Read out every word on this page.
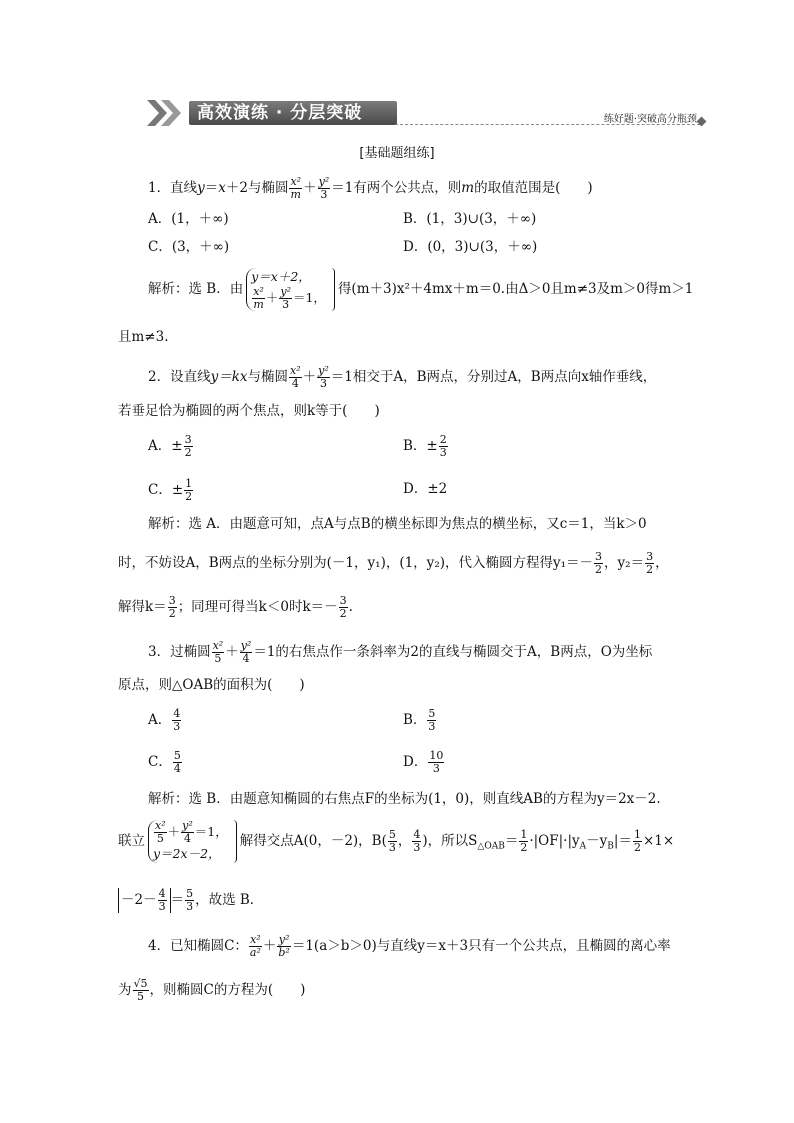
高效演练 · 分层突破	练好题·突破高分瓶颈
[基础题组练]
1．直线y＝x＋2与椭圆 $\frac{\text{x²}}{m} + \frac{\text{y²}}{3} =1$有两个公共点，则m的取值范围是(　　)
A．(1，＋∞)	B．(1，3)∪(3，＋∞)
C．(3，＋∞)	D．(0，3)∪(3，＋∞)
解析：选 B．由y＝x＋2，

$\frac{\text{x²}}{m} + \frac{\text{y²}}{3} =1$，得(m＋3)x²＋4mx＋m＝0.由Δ＞0且m≠3及m＞0得m＞1
且m≠3.
2．设直线y＝kx与椭圆 $\frac{\text{x²}}{4} + \frac{\text{y²}}{3} =1$相交于A，B两点，分别过A，B两点向x轴作垂线，
若垂足恰为椭圆的两个焦点，则k等于(　　)
A．± $\frac{3}{2}$	B．± $\frac{2}{3}$
C．± $\frac{1}{2}$	D．±2
解析：选 A．由题意可知，点A与点B的横坐标即为焦点的横坐标，又c＝1，当k＞0
时，不妨设A，B两点的坐标分别为(－1，y₁)，(1，y₂)，代入椭圆方程得$y_1=- \frac{3}{2}$ ，$y_2= \frac{3}{2}$ ，
解得$k= \frac{3}{2}$ ；同理可得当k＜0时$k=- \frac{3}{2}$ .
3．过椭圆 $\frac{\text{x²}}{5} + \frac{\text{y²}}{4} =1$的右焦点作一条斜率为2的直线与椭圆交于A，B两点，O为坐标
原点，则△OAB的面积为(　　)
A． $\frac{4}{3}$	B． $\frac{5}{3}$
C． $\frac{5}{4}$	D． $\frac{10}{3}$
解析：选 B．由题意知椭圆的右焦点F的坐标为(1，0)，则直线AB的方程为y＝2x－2.
联立 $\frac{\text{x²}}{5} + \frac{\text{y²}}{4} =1$，
y＝2x－2，解得交点A(0，－2)，$B( \frac{5}{3}$ ， $\frac{4}{3}$ )，所以$S_{\triangle OAB}= \frac{1}{2} \cdot|OF|\cdot|y_A-y_B|= \frac{1}{2} \times 1\times$
$-2- \frac{4}{3} = \frac{5}{3}$ ，故选 B．
4．已知椭圆C： $\frac{\text{x²}}{\text{a²}} + \frac{\text{y²}}{\text{b²}} =1(a>b>0)$与直线y＝x＋3只有一个公共点，且椭圆的离心率
为 $\frac{√5}{5}$ ，则椭圆C的方程为(　　)
